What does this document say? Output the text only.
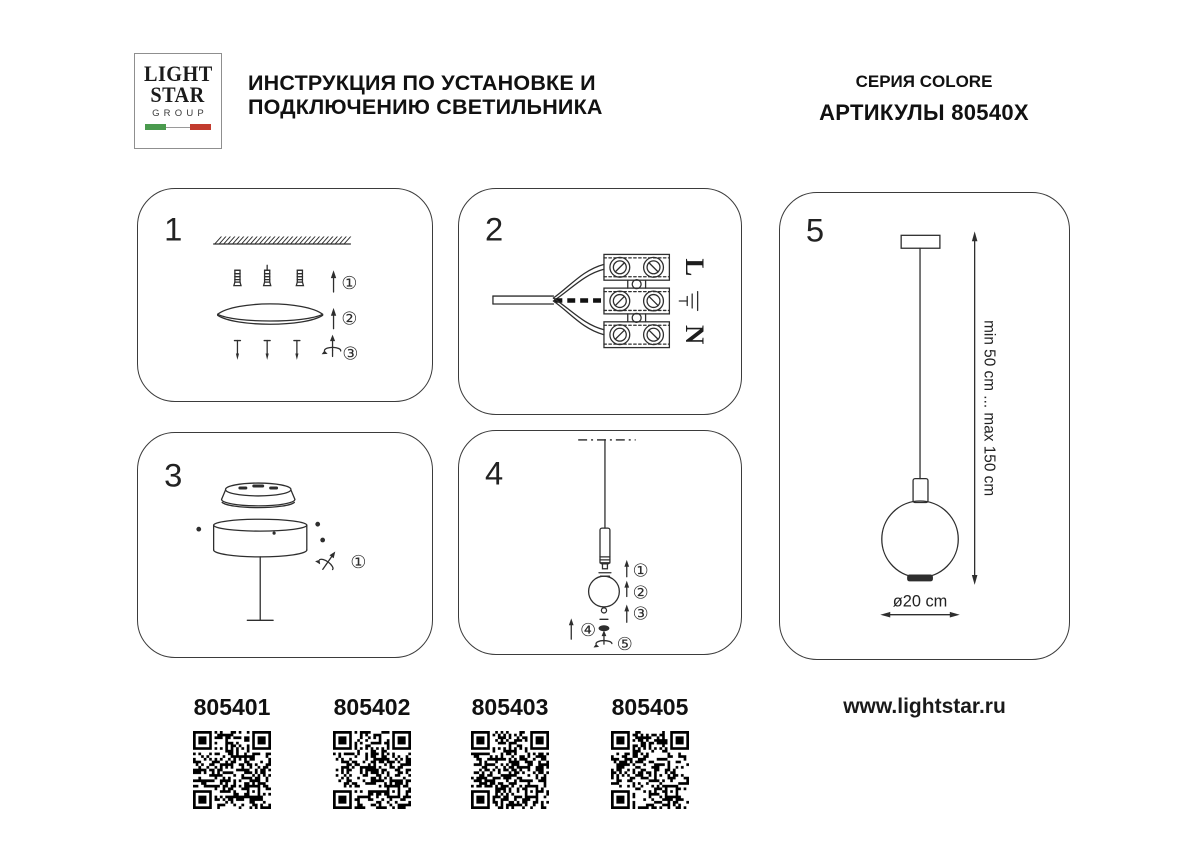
LIGHT
STAR
GROUP
ИНСТРУКЦИЯ ПО УСТАНОВКЕ И
ПОДКЛЮЧЕНИЮ СВЕТИЛЬНИКА
СЕРИЯ COLORE
АРТИКУЛЫ 80540X
1
①
②
③
2
L
N
3
①
4
①
②
③
④
⑤
5
min 50 cm ... max 150 cm
ø20 cm
805401	805402	805403	805405	www.lightstar.ru
